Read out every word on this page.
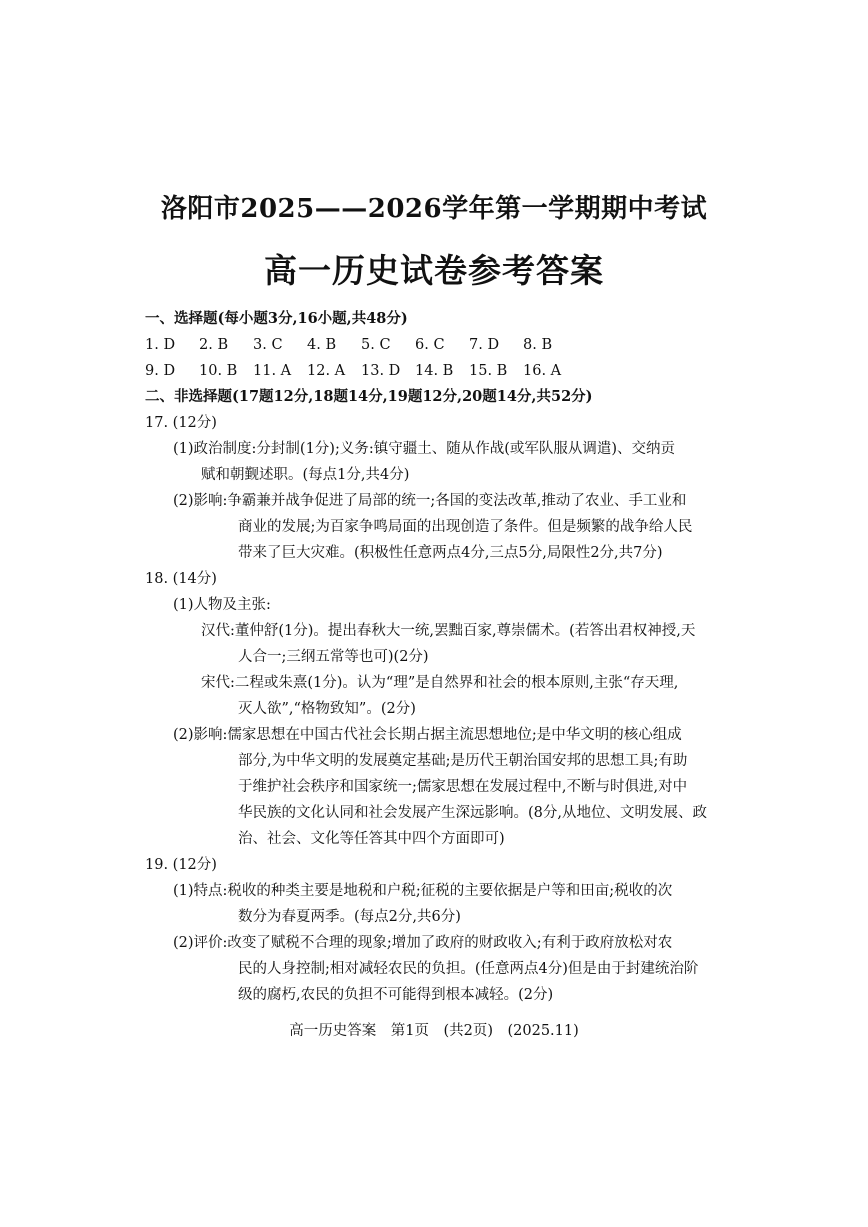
洛阳市2025——2026学年第一学期期中考试
高一历史试卷参考答案
一、选择题(每小题3分,16小题,共48分)
1. D	2. B	3. C	4. B	5. C	6. C	7. D	8. B
9. D	10. B	11. A	12. A	13. D	14. B	15. B	16. A
二、非选择题(17题12分,18题14分,19题12分,20题14分,共52分)
17. (12分)
(1)政治制度:分封制(1分);义务:镇守疆土、随从作战(或军队服从调遣)、交纳贡
赋和朝觐述职。(每点1分,共4分)
(2)影响:争霸兼并战争促进了局部的统一;各国的变法改革,推动了农业、手工业和
商业的发展;为百家争鸣局面的出现创造了条件。但是频繁的战争给人民
带来了巨大灾难。(积极性任意两点4分,三点5分,局限性2分,共7分)
18. (14分)
(1)人物及主张:
汉代:董仲舒(1分)。提出春秋大一统,罢黜百家,尊崇儒术。(若答出君权神授,天
人合一;三纲五常等也可)(2分)
宋代:二程或朱熹(1分)。认为“理”是自然界和社会的根本原则,主张“存天理,
灭人欲”,“格物致知”。(2分)
(2)影响:儒家思想在中国古代社会长期占据主流思想地位;是中华文明的核心组成
部分,为中华文明的发展奠定基础;是历代王朝治国安邦的思想工具;有助
于维护社会秩序和国家统一;儒家思想在发展过程中,不断与时俱进,对中
华民族的文化认同和社会发展产生深远影响。(8分,从地位、文明发展、政
治、社会、文化等任答其中四个方面即可)
19. (12分)
(1)特点:税收的种类主要是地税和户税;征税的主要依据是户等和田亩;税收的次
数分为春夏两季。(每点2分,共6分)
(2)评价:改变了赋税不合理的现象;增加了政府的财政收入;有利于政府放松对农
民的人身控制;相对减轻农民的负担。(任意两点4分)但是由于封建统治阶
级的腐朽,农民的负担不可能得到根本减轻。(2分)
高一历史答案　第1页　(共2页)　(2025.11)
